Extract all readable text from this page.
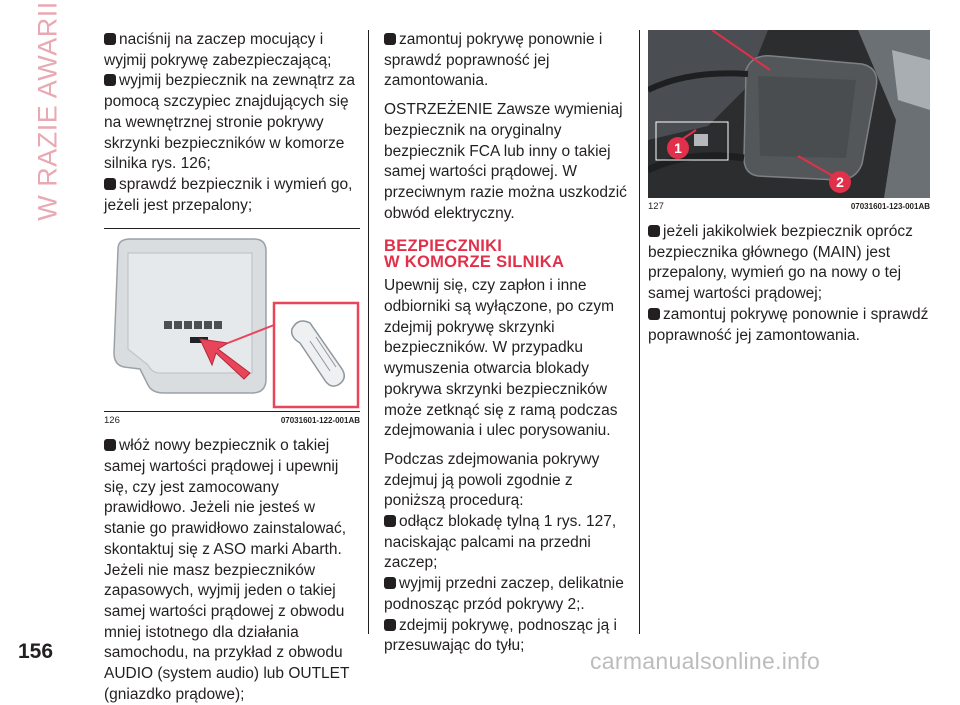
W RAZIE AWARII	naciśnij na zaczep mocujący i wyjmij pokrywę zabezpieczającą;

wyjmij bezpiecznik na zewnątrz za pomocą szczypiec znajdujących się na wewnętrznej stronie pokrywy skrzynki bezpieczników w komorze silnika rys. 126;

sprawdź bezpiecznik i wymień go, jeżeli jest przepalony;

126	07031601-122-001AB

włóż nowy bezpiecznik o takiej samej wartości prądowej i upewnij się, czy jest zamocowany prawidłowo. Jeżeli nie jesteś w stanie go prawidłowo zainstalować, skontaktuj się z ASO marki Abarth. Jeżeli nie masz bezpieczników zapasowych, wyjmij jeden o takiej samej wartości prądowej z obwodu mniej istotnego dla działania samochodu, na przykład z obwodu AUDIO (system audio) lub OUTLET (gniazdko prądowe);

zamontuj pokrywę ponownie i sprawdź poprawność jej zamontowania.

OSTRZEŻENIE Zawsze wymieniaj bezpiecznik na oryginalny bezpiecznik FCA lub inny o takiej samej wartości prądowej. W przeciwnym razie można uszkodzić obwód elektryczny.

BEZPIECZNIKI
W KOMORZE SILNIKA

Upewnij się, czy zapłon i inne odbiorniki są wyłączone, po czym zdejmij pokrywę skrzynki bezpieczników. W przypadku wymuszenia otwarcia blokady pokrywa skrzynki bezpieczników może zetknąć się z ramą podczas zdejmowania i ulec porysowaniu.

Podczas zdejmowania pokrywy zdejmuj ją powoli zgodnie z poniższą procedurą:

odłącz blokadę tylną 1 rys. 127, naciskając palcami na przedni zaczep;

wyjmij przedni zaczep, delikatnie podnosząc przód pokrywy 2;.

zdejmij pokrywę, podnosząc ją i przesuwając do tyłu;

1
2
127	07031601-123-001AB

jeżeli jakikolwiek bezpiecznik oprócz bezpiecznika głównego (MAIN) jest przepalony, wymień go na nowy o tej samej wartości prądowej;

zamontuj pokrywę ponownie i sprawdź poprawność jej zamontowania.

156	carmanualsonline.info
